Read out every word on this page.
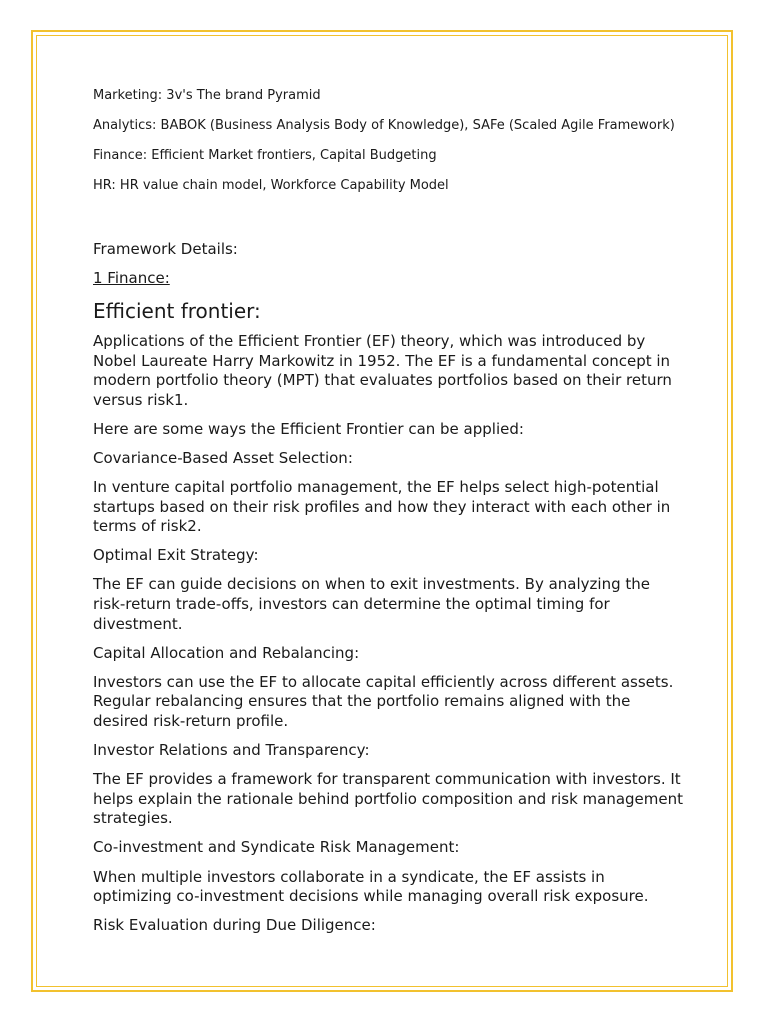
Marketing: 3v's The brand Pyramid

Analytics: BABOK (Business Analysis Body of Knowledge), SAFe (Scaled Agile Framework)

Finance: Efficient Market frontiers, Capital Budgeting

HR: HR value chain model, Workforce Capability Model

Framework Details:

1 Finance:

Efficient frontier:

Applications of the Efficient Frontier (EF) theory, which was introduced by Nobel Laureate Harry Markowitz in 1952. The EF is a fundamental concept in modern portfolio theory (MPT) that evaluates portfolios based on their return versus risk1.

Here are some ways the Efficient Frontier can be applied:

Covariance-Based Asset Selection:

In venture capital portfolio management, the EF helps select high-potential startups based on their risk profiles and how they interact with each other in terms of risk2.

Optimal Exit Strategy:

The EF can guide decisions on when to exit investments. By analyzing the risk-return trade-offs, investors can determine the optimal timing for divestment.

Capital Allocation and Rebalancing:

Investors can use the EF to allocate capital efficiently across different assets. Regular rebalancing ensures that the portfolio remains aligned with the desired risk-return profile.

Investor Relations and Transparency:

The EF provides a framework for transparent communication with investors. It helps explain the rationale behind portfolio composition and risk management strategies.

Co-investment and Syndicate Risk Management:

When multiple investors collaborate in a syndicate, the EF assists in optimizing co-investment decisions while managing overall risk exposure.

Risk Evaluation during Due Diligence:
